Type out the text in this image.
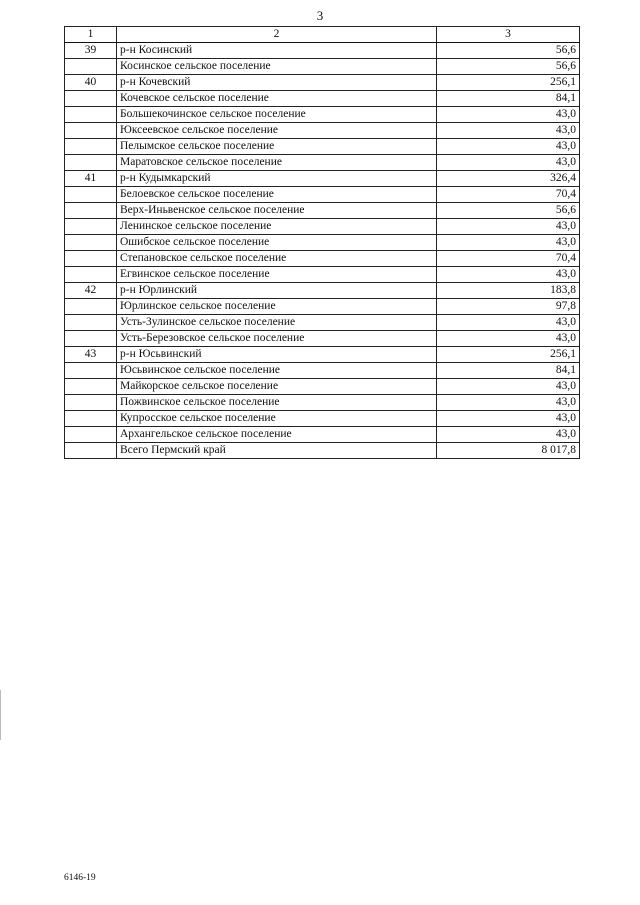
3
1	2	3
39	р-н Косинский	56,6
	Косинское сельское поселение	56,6
40	р-н Кочевский	256,1
	Кочевское сельское поселение	84,1
	Большекочинское сельское поселение	43,0
	Юксеевское сельское поселение	43,0
	Пелымское сельское поселение	43,0
	Маратовское сельское поселение	43,0
41	р-н Кудымкарский	326,4
	Белоевское сельское поселение	70,4
	Верх-Иньвенское сельское поселение	56,6
	Ленинское сельское поселение	43,0
	Ошибское сельское поселение	43,0
	Степановское сельское поселение	70,4
	Егвинское сельское поселение	43,0
42	р-н Юрлинский	183,8
	Юрлинское сельское поселение	97,8
	Усть-Зулинское сельское поселение	43,0
	Усть-Березовское сельское поселение	43,0
43	р-н Юсьвинский	256,1
	Юсьвинское сельское поселение	84,1
	Майкорское сельское поселение	43,0
	Пожвинское сельское поселение	43,0
	Купросское сельское поселение	43,0
	Архангельское сельское поселение	43,0
	Всего Пермский край	8 017,8
6146-19
